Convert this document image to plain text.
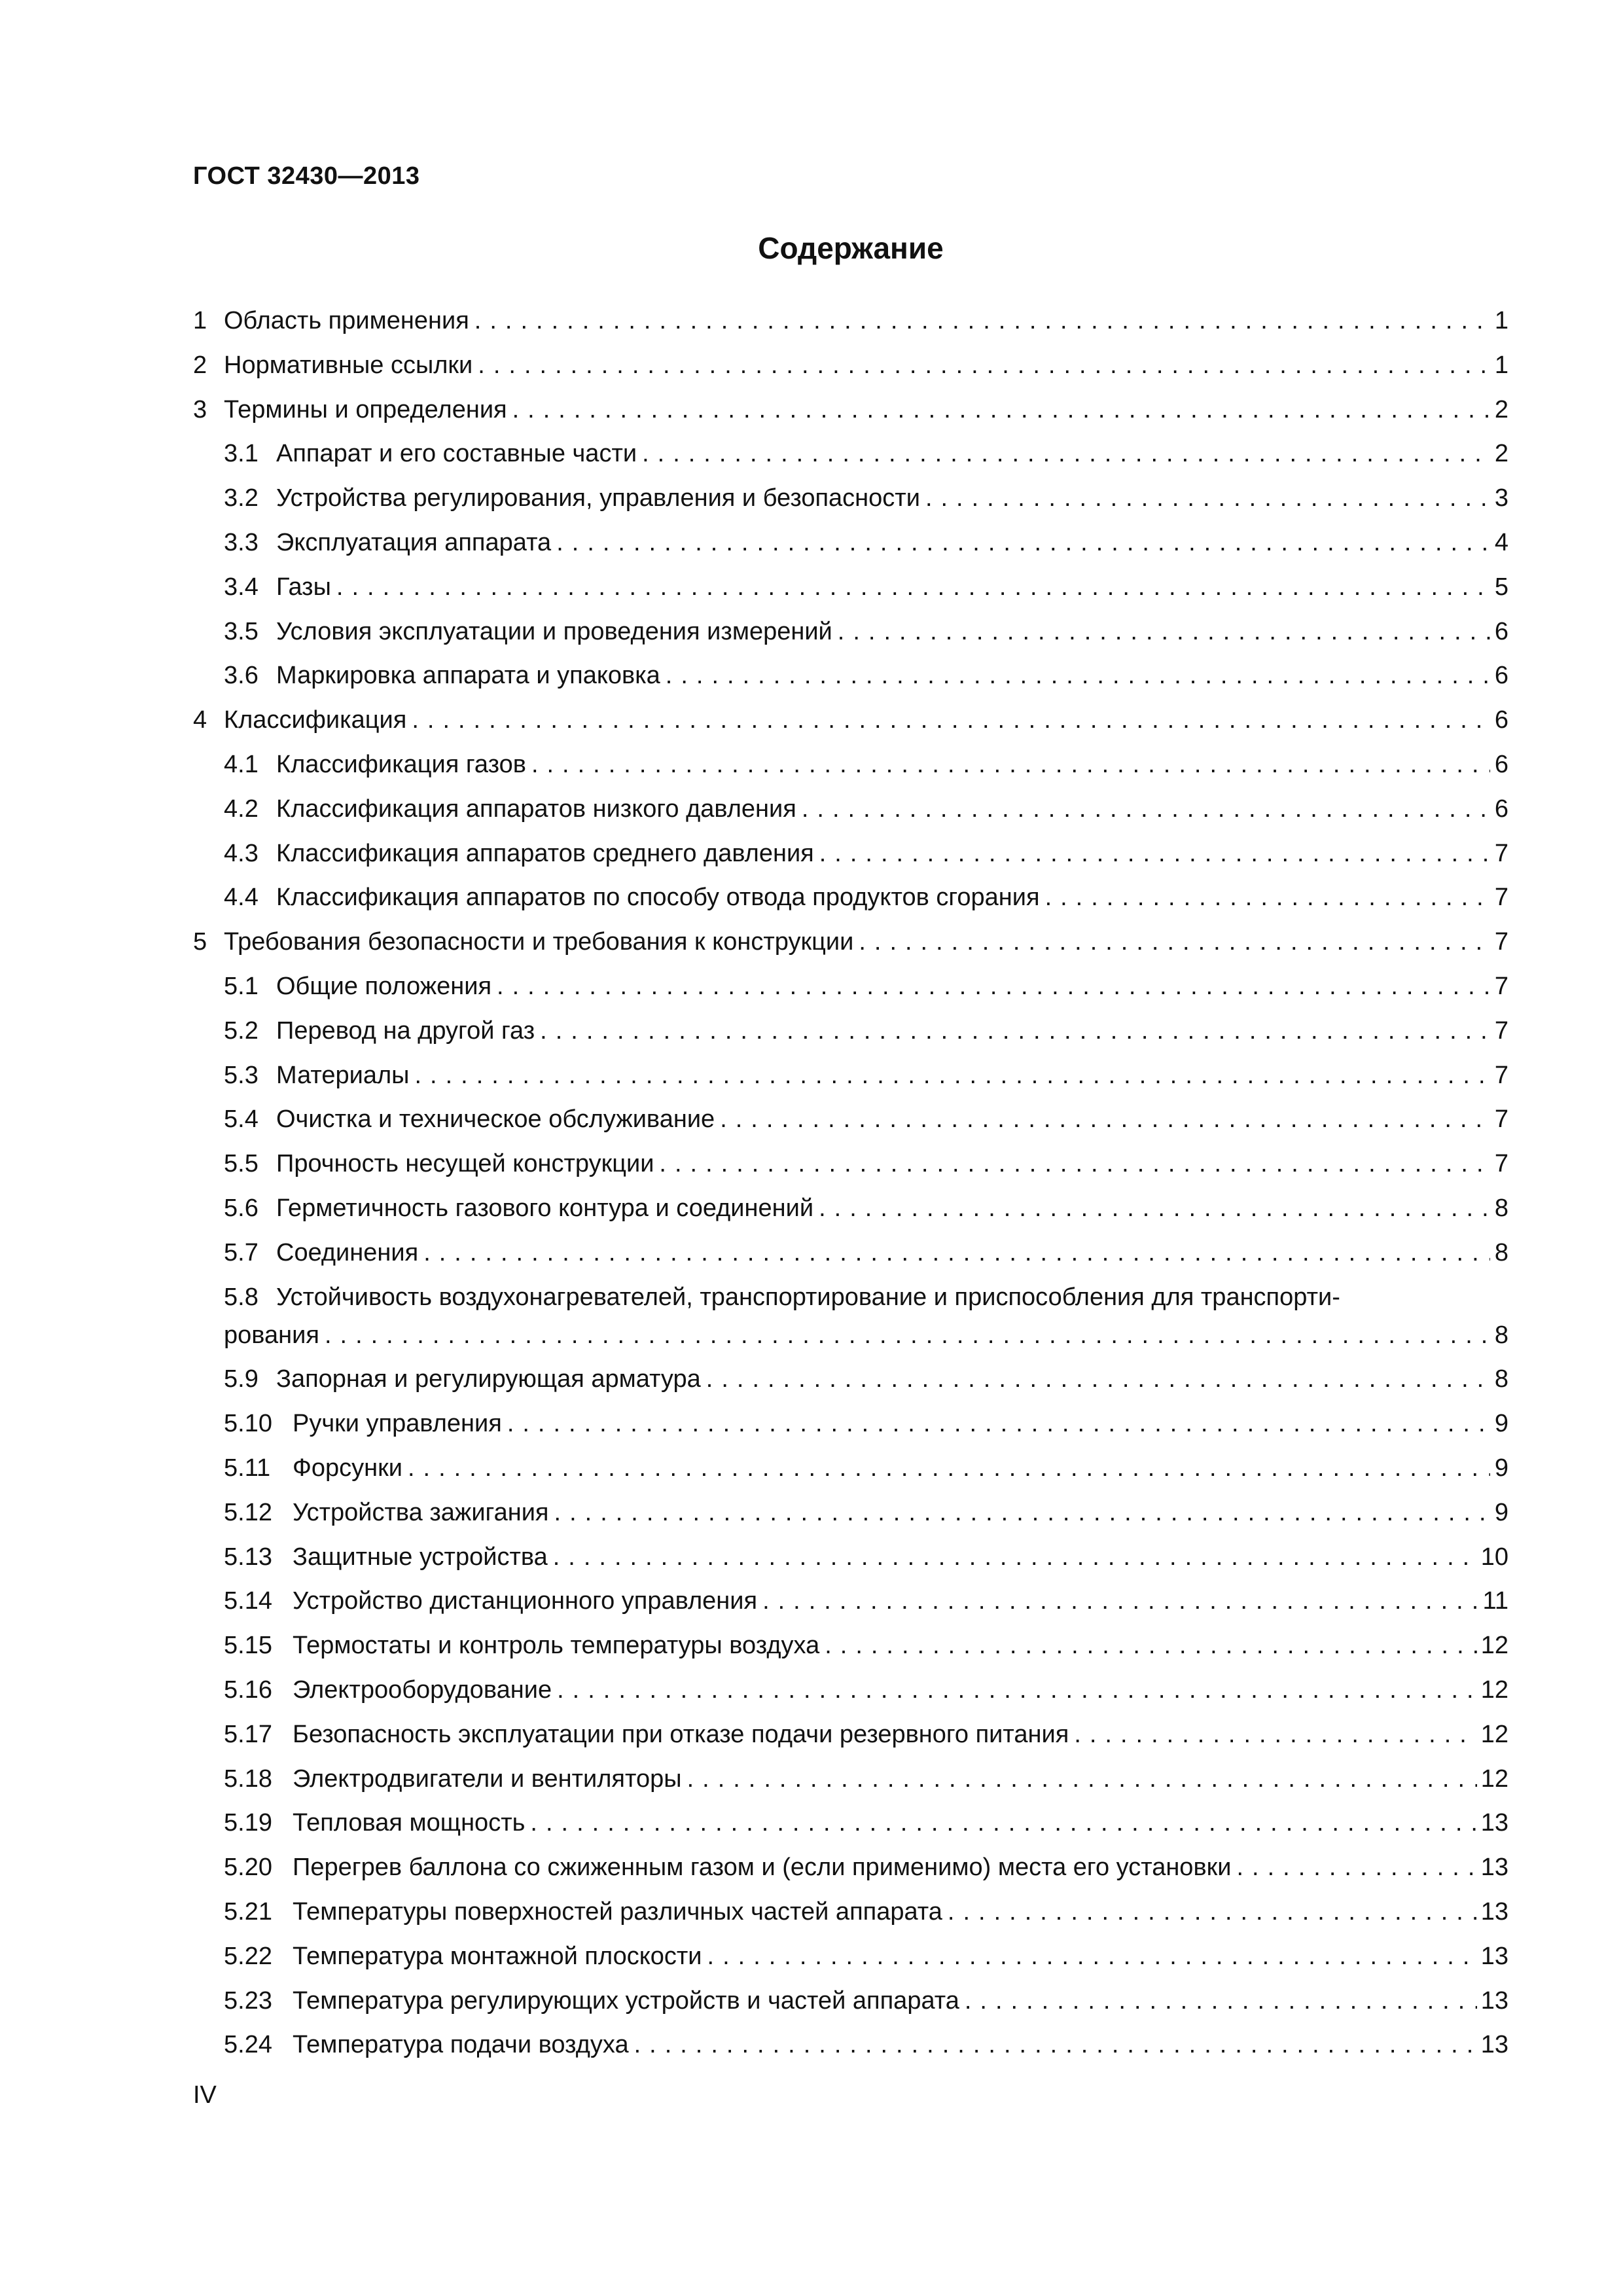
ГОСТ 32430—2013

Содержание

1 Область применения .....	1
2 Нормативные ссылки .....	1
3 Термины и определения .....	2
3.1 Аппарат и его составные части .....	2
3.2 Устройства регулирования, управления и безопасности .....	3
3.3 Эксплуатация аппарата .....	4
3.4 Газы .....	5
3.5 Условия эксплуатации и проведения измерений .....	6
3.6 Маркировка аппарата и упаковка .....	6
4 Классификация .....	6
4.1 Классификация газов .....	6
4.2 Классификация аппаратов низкого давления .....	6
4.3 Классификация аппаратов среднего давления .....	7
4.4 Классификация аппаратов по способу отвода продуктов сгорания .....	7
5 Требования безопасности и требования к конструкции .....	7
5.1 Общие положения .....	7
5.2 Перевод на другой газ .....	7
5.3 Материалы .....	7
5.4 Очистка и техническое обслуживание .....	7
5.5 Прочность несущей конструкции .....	7
5.6 Герметичность газового контура и соединений .....	8
5.7 Соединения .....	8
5.8 Устойчивость воздухонагревателей, транспортирование и приспособления для транспорти-
рования .....	8
5.9 Запорная и регулирующая арматура .....	8
5.10 Ручки управления .....	9
5.11 Форсунки .....	9
5.12 Устройства зажигания .....	9
5.13 Защитные устройства .....	10
5.14 Устройство дистанционного управления .....	11
5.15 Термостаты и контроль температуры воздуха .....	12
5.16 Электрооборудование .....	12
5.17 Безопасность эксплуатации при отказе подачи резервного питания .....	12
5.18 Электродвигатели и вентиляторы .....	12
5.19 Тепловая мощность .....	13
5.20 Перегрев баллона со сжиженным газом и (если применимо) места его установки .....	13
5.21 Температуры поверхностей различных частей аппарата .....	13
5.22 Температура монтажной плоскости .....	13
5.23 Температура регулирующих устройств и частей аппарата .....	13
5.24 Температура подачи воздуха .....	13

IV
